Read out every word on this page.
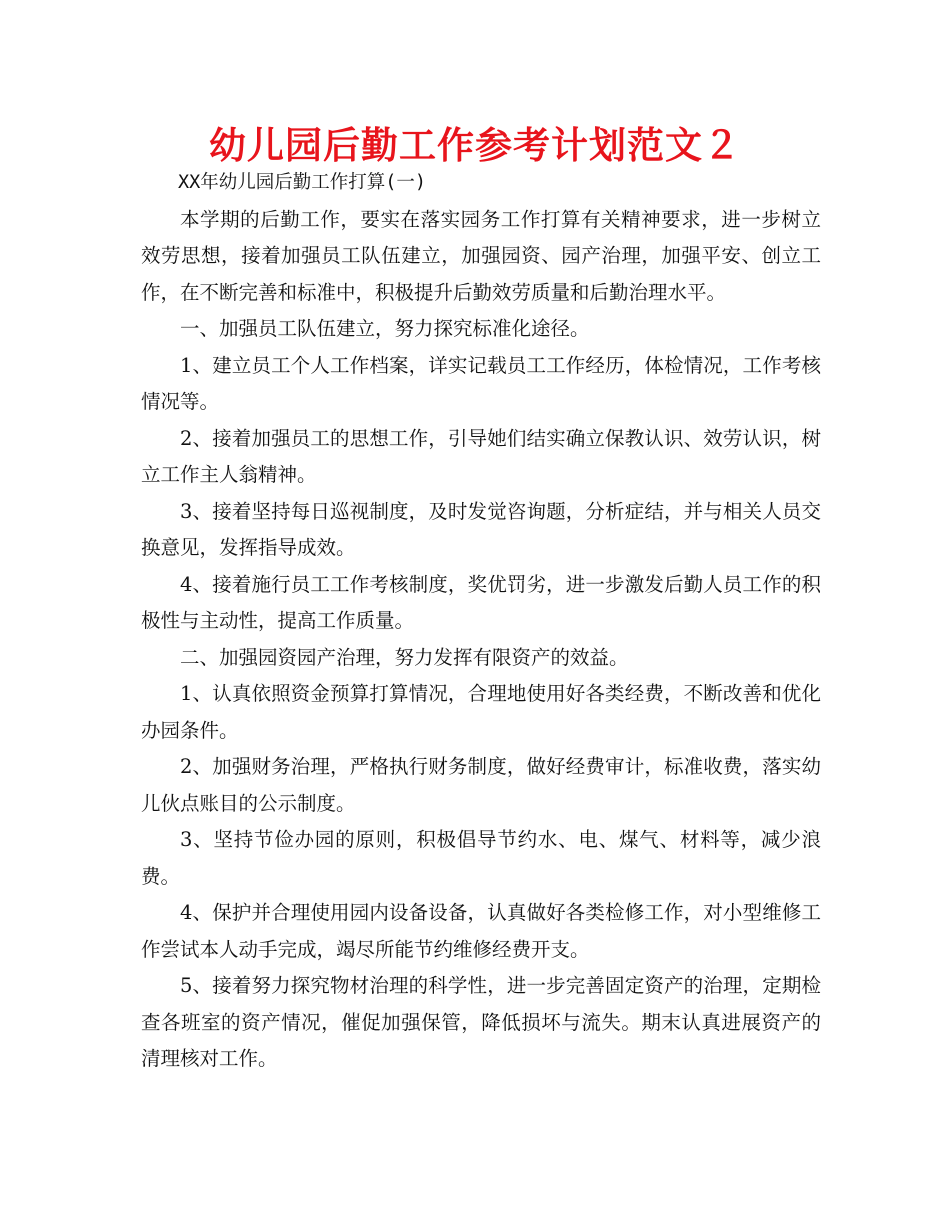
幼儿园后勤工作参考计划范文２

XX年幼儿园后勤工作打算(一)

本学期的后勤工作，要实在落实园务工作打算有关精神要求，进一步树立效劳思想，接着加强员工队伍建立，加强园资、园产治理，加强平安、创立工作，在不断完善和标准中，积极提升后勤效劳质量和后勤治理水平。

一、加强员工队伍建立，努力探究标准化途径。

1、建立员工个人工作档案，详实记载员工工作经历，体检情况，工作考核情况等。

2、接着加强员工的思想工作，引导她们结实确立保教认识、效劳认识，树立工作主人翁精神。

3、接着坚持每日巡视制度，及时发觉咨询题，分析症结，并与相关人员交换意见，发挥指导成效。

4、接着施行员工工作考核制度，奖优罚劣，进一步激发后勤人员工作的积极性与主动性，提高工作质量。

二、加强园资园产治理，努力发挥有限资产的效益。

1、认真依照资金预算打算情况，合理地使用好各类经费，不断改善和优化办园条件。

2、加强财务治理，严格执行财务制度，做好经费审计，标准收费，落实幼儿伙点账目的公示制度。

3、坚持节俭办园的原则，积极倡导节约水、电、煤气、材料等，减少浪费。

4、保护并合理使用园内设备设备，认真做好各类检修工作，对小型维修工作尝试本人动手完成，竭尽所能节约维修经费开支。

5、接着努力探究物材治理的科学性，进一步完善固定资产的治理，定期检查各班室的资产情况，催促加强保管，降低损坏与流失。期末认真进展资产的清理核对工作。
